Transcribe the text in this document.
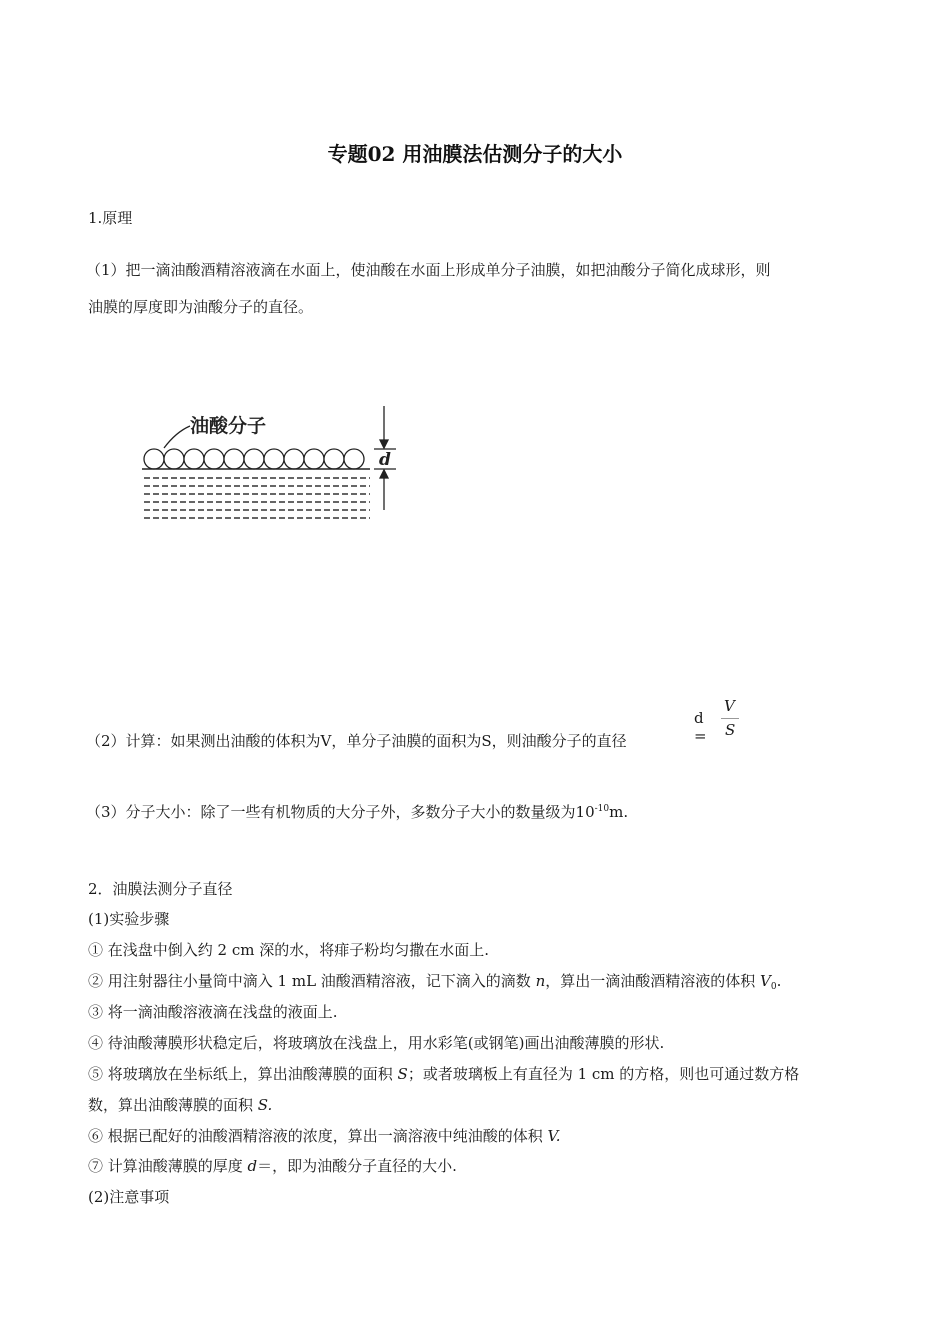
专题02 用油膜法估测分子的大小
1.原理
（1）把一滴油酸酒精溶液滴在水面上，使油酸在水面上形成单分子油膜，如把油酸分子简化成球形，则
油膜的厚度即为油酸分子的直径。
油酸分子
d
d =
V
S
（2）计算：如果测出油酸的体积为V，单分子油膜的面积为S，则油酸分子的直径
（3）分子大小：除了一些有机物质的大分子外，多数分子大小的数量级为$10^{-10}m$.
2．油膜法测分子直径
(1)实验步骤
① 在浅盘中倒入约 2 cm 深的水，将痱子粉均匀撒在水面上.
② 用注射器往小量筒中滴入 1 mL 油酸酒精溶液，记下滴入的滴数 n，算出一滴油酸酒精溶液的体积 $V_0$.
③ 将一滴油酸溶液滴在浅盘的液面上.
④ 待油酸薄膜形状稳定后，将玻璃放在浅盘上，用水彩笔(或钢笔)画出油酸薄膜的形状.
⑤ 将玻璃放在坐标纸上，算出油酸薄膜的面积 S；或者玻璃板上有直径为 1 cm 的方格，则也可通过数方格
数，算出油酸薄膜的面积 S.
⑥ 根据已配好的油酸酒精溶液的浓度，算出一滴溶液中纯油酸的体积 V.
⑦ 计算油酸薄膜的厚度 d＝，即为油酸分子直径的大小.
(2)注意事项
